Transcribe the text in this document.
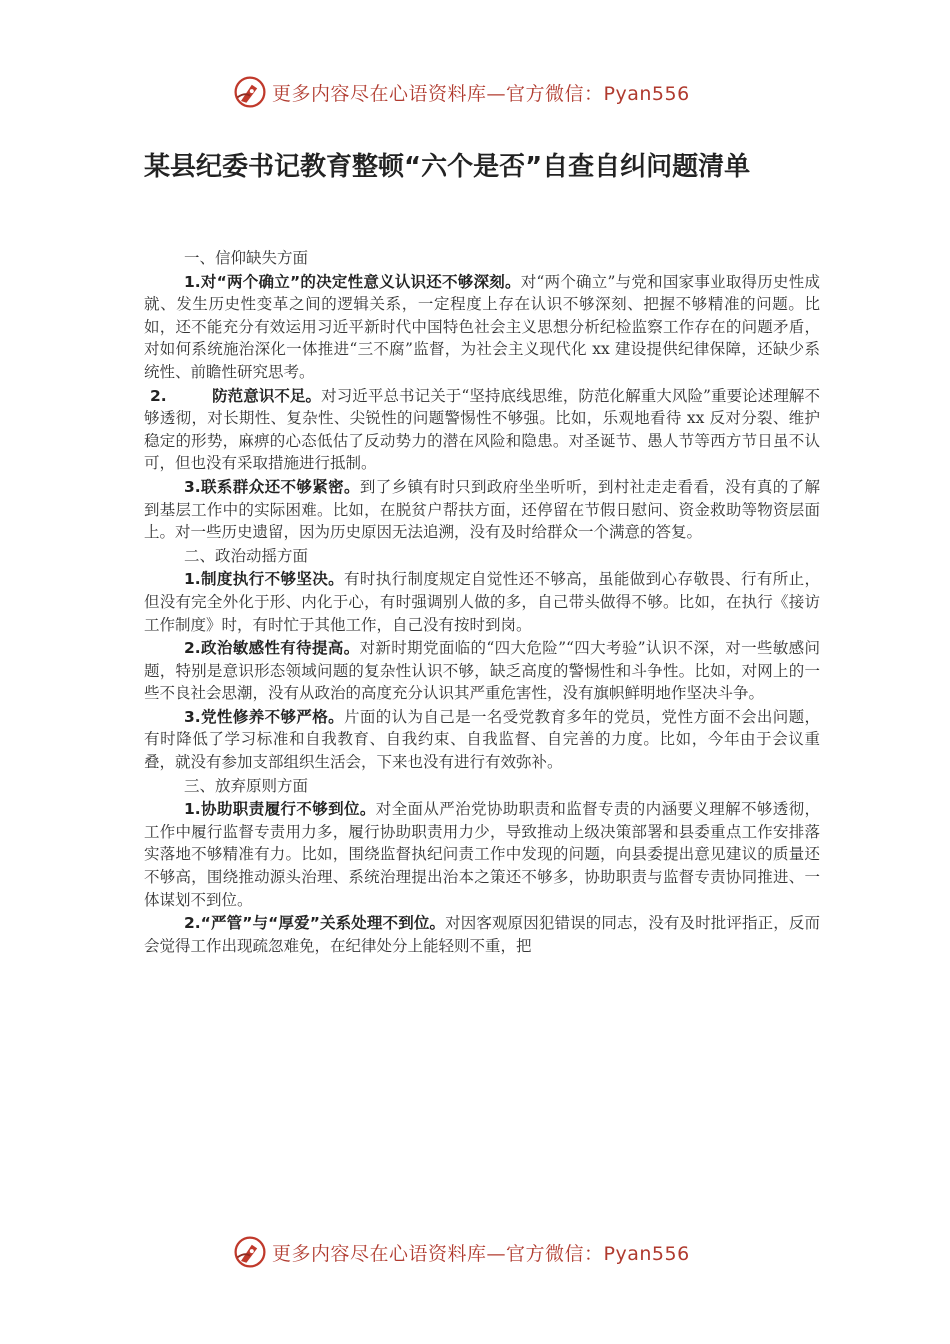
更多内容尽在心语资料库—官方微信：Pyan556
某县纪委书记教育整顿“六个是否”自查自纠问题清单

一、信仰缺失方面

1.对“两个确立”的决定性意义认识还不够深刻。对“两个确立”与党和国家事业取得历史性成就、发生历史性变革之间的逻辑关系，一定程度上存在认识不够深刻、把握不够精准的问题。比如，还不能充分有效运用习近平新时代中国特色社会主义思想分析纪检监察工作存在的问题矛盾，对如何系统施治深化一体推进“三不腐”监督，为社会主义现代化 xx 建设提供纪律保障，还缺少系统性、前瞻性研究思考。

2.	防范意识不足。对习近平总书记关于“坚持底线思维，防范化解重大风险”重要论述理解不够透彻，对长期性、复杂性、尖锐性的问题警惕性不够强。比如，乐观地看待 xx 反对分裂、维护稳定的形势，麻痹的心态低估了反动势力的潜在风险和隐患。对圣诞节、愚人节等西方节日虽不认可，但也没有采取措施进行抵制。

3.联系群众还不够紧密。到了乡镇有时只到政府坐坐听听，到村社走走看看，没有真的了解到基层工作中的实际困难。比如，在脱贫户帮扶方面，还停留在节假日慰问、资金救助等物资层面上。对一些历史遗留，因为历史原因无法追溯，没有及时给群众一个满意的答复。

二、政治动摇方面

1.制度执行不够坚决。有时执行制度规定自觉性还不够高，虽能做到心存敬畏、行有所止，但没有完全外化于形、内化于心，有时强调别人做的多，自己带头做得不够。比如，在执行《接访工作制度》时，有时忙于其他工作，自己没有按时到岗。

2.政治敏感性有待提高。对新时期党面临的“四大危险”“四大考验”认识不深，对一些敏感问题，特别是意识形态领域问题的复杂性认识不够，缺乏高度的警惕性和斗争性。比如，对网上的一些不良社会思潮，没有从政治的高度充分认识其严重危害性，没有旗帜鲜明地作坚决斗争。

3.党性修养不够严格。片面的认为自己是一名受党教育多年的党员，党性方面不会出问题，有时降低了学习标准和自我教育、自我约束、自我监督、自完善的力度。比如，今年由于会议重叠，就没有参加支部组织生活会，下来也没有进行有效弥补。

三、放弃原则方面

1.协助职责履行不够到位。对全面从严治党协助职责和监督专责的内涵要义理解不够透彻，工作中履行监督专责用力多，履行协助职责用力少，导致推动上级决策部署和县委重点工作安排落实落地不够精准有力。比如，围绕监督执纪问责工作中发现的问题，向县委提出意见建议的质量还不够高，围绕推动源头治理、系统治理提出治本之策还不够多，协助职责与监督专责协同推进、一体谋划不到位。

2.“严管”与“厚爱”关系处理不到位。对因客观原因犯错误的同志，没有及时批评指正，反而会觉得工作出现疏忽难免，在纪律处分上能轻则不重，把

更多内容尽在心语资料库—官方微信：Pyan556
